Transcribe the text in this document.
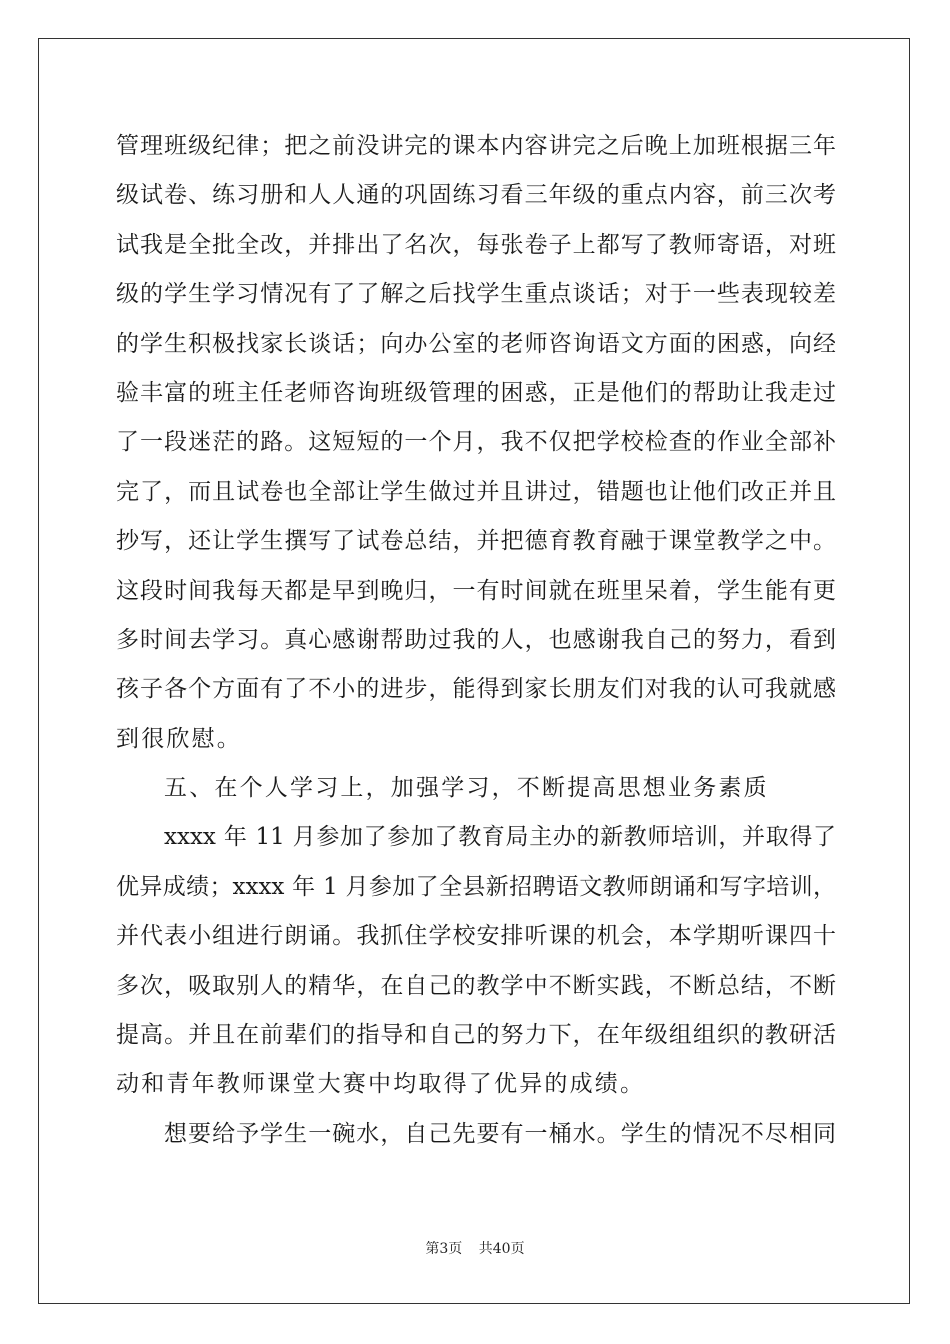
管理班级纪律；把之前没讲完的课本内容讲完之后晚上加班根据三年
级试卷、练习册和人人通的巩固练习看三年级的重点内容，前三次考
试我是全批全改，并排出了名次，每张卷子上都写了教师寄语，对班
级的学生学习情况有了了解之后找学生重点谈话；对于一些表现较差
的学生积极找家长谈话；向办公室的老师咨询语文方面的困惑，向经
验丰富的班主任老师咨询班级管理的困惑，正是他们的帮助让我走过
了一段迷茫的路。这短短的一个月，我不仅把学校检查的作业全部补
完了，而且试卷也全部让学生做过并且讲过，错题也让他们改正并且
抄写，还让学生撰写了试卷总结，并把德育教育融于课堂教学之中。
这段时间我每天都是早到晚归，一有时间就在班里呆着，学生能有更
多时间去学习。真心感谢帮助过我的人，也感谢我自己的努力，看到
孩子各个方面有了不小的进步，能得到家长朋友们对我的认可我就感
到很欣慰。
五、在个人学习上，加强学习，不断提高思想业务素质
xxxx 年 11 月参加了参加了教育局主办的新教师培训，并取得了
优异成绩；xxxx 年 1 月参加了全县新招聘语文教师朗诵和写字培训，
并代表小组进行朗诵。我抓住学校安排听课的机会，本学期听课四十
多次，吸取别人的精华，在自己的教学中不断实践，不断总结，不断
提高。并且在前辈们的指导和自己的努力下，在年级组组织的教研活
动和青年教师课堂大赛中均取得了优异的成绩。
想要给予学生一碗水，自己先要有一桶水。学生的情况不尽相同
第3页 共40页
